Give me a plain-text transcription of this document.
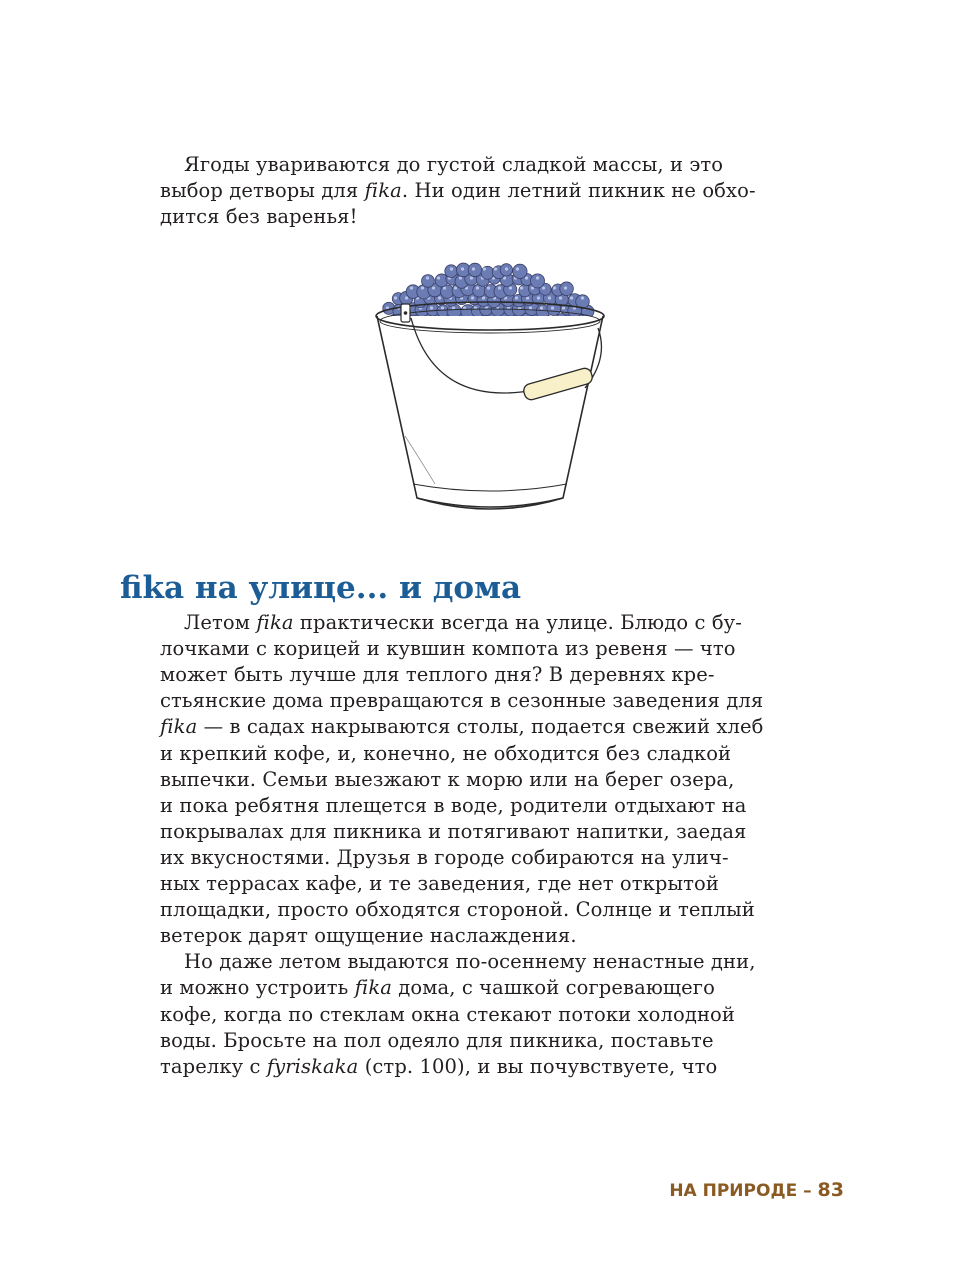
Ягоды увариваются до густой сладкой массы, и это

выбор детворы для fika. Ни один летний пикник не обхо-

дится без варенья!

fika на улице... и дома

Летом fika практически всегда на улице. Блюдо с бу-

лочками с корицей и кувшин компота из ревеня — что

может быть лучше для теплого дня? В деревнях кре-

стьянские дома превращаются в сезонные заведения для

fika — в садах накрываются столы, подается свежий хлеб

и крепкий кофе, и, конечно, не обходится без сладкой

выпечки. Семьи выезжают к морю или на берег озера,

и пока ребятня плещется в воде, родители отдыхают на

покрывалах для пикника и потягивают напитки, заедая

их вкусностями. Друзья в городе собираются на улич-

ных террасах кафе, и те заведения, где нет открытой

площадки, просто обходятся стороной. Солнце и теплый

ветерок дарят ощущение наслаждения.

Но даже летом выдаются по-осеннему ненастные дни,

и можно устроить fika дома, с чашкой согревающего

кофе, когда по стеклам окна стекают потоки холодной

воды. Бросьте на пол одеяло для пикника, поставьте

тарелку с fyriskaka (стр. 100), и вы почувствуете, что

НА ПРИРОДЕ – 83
